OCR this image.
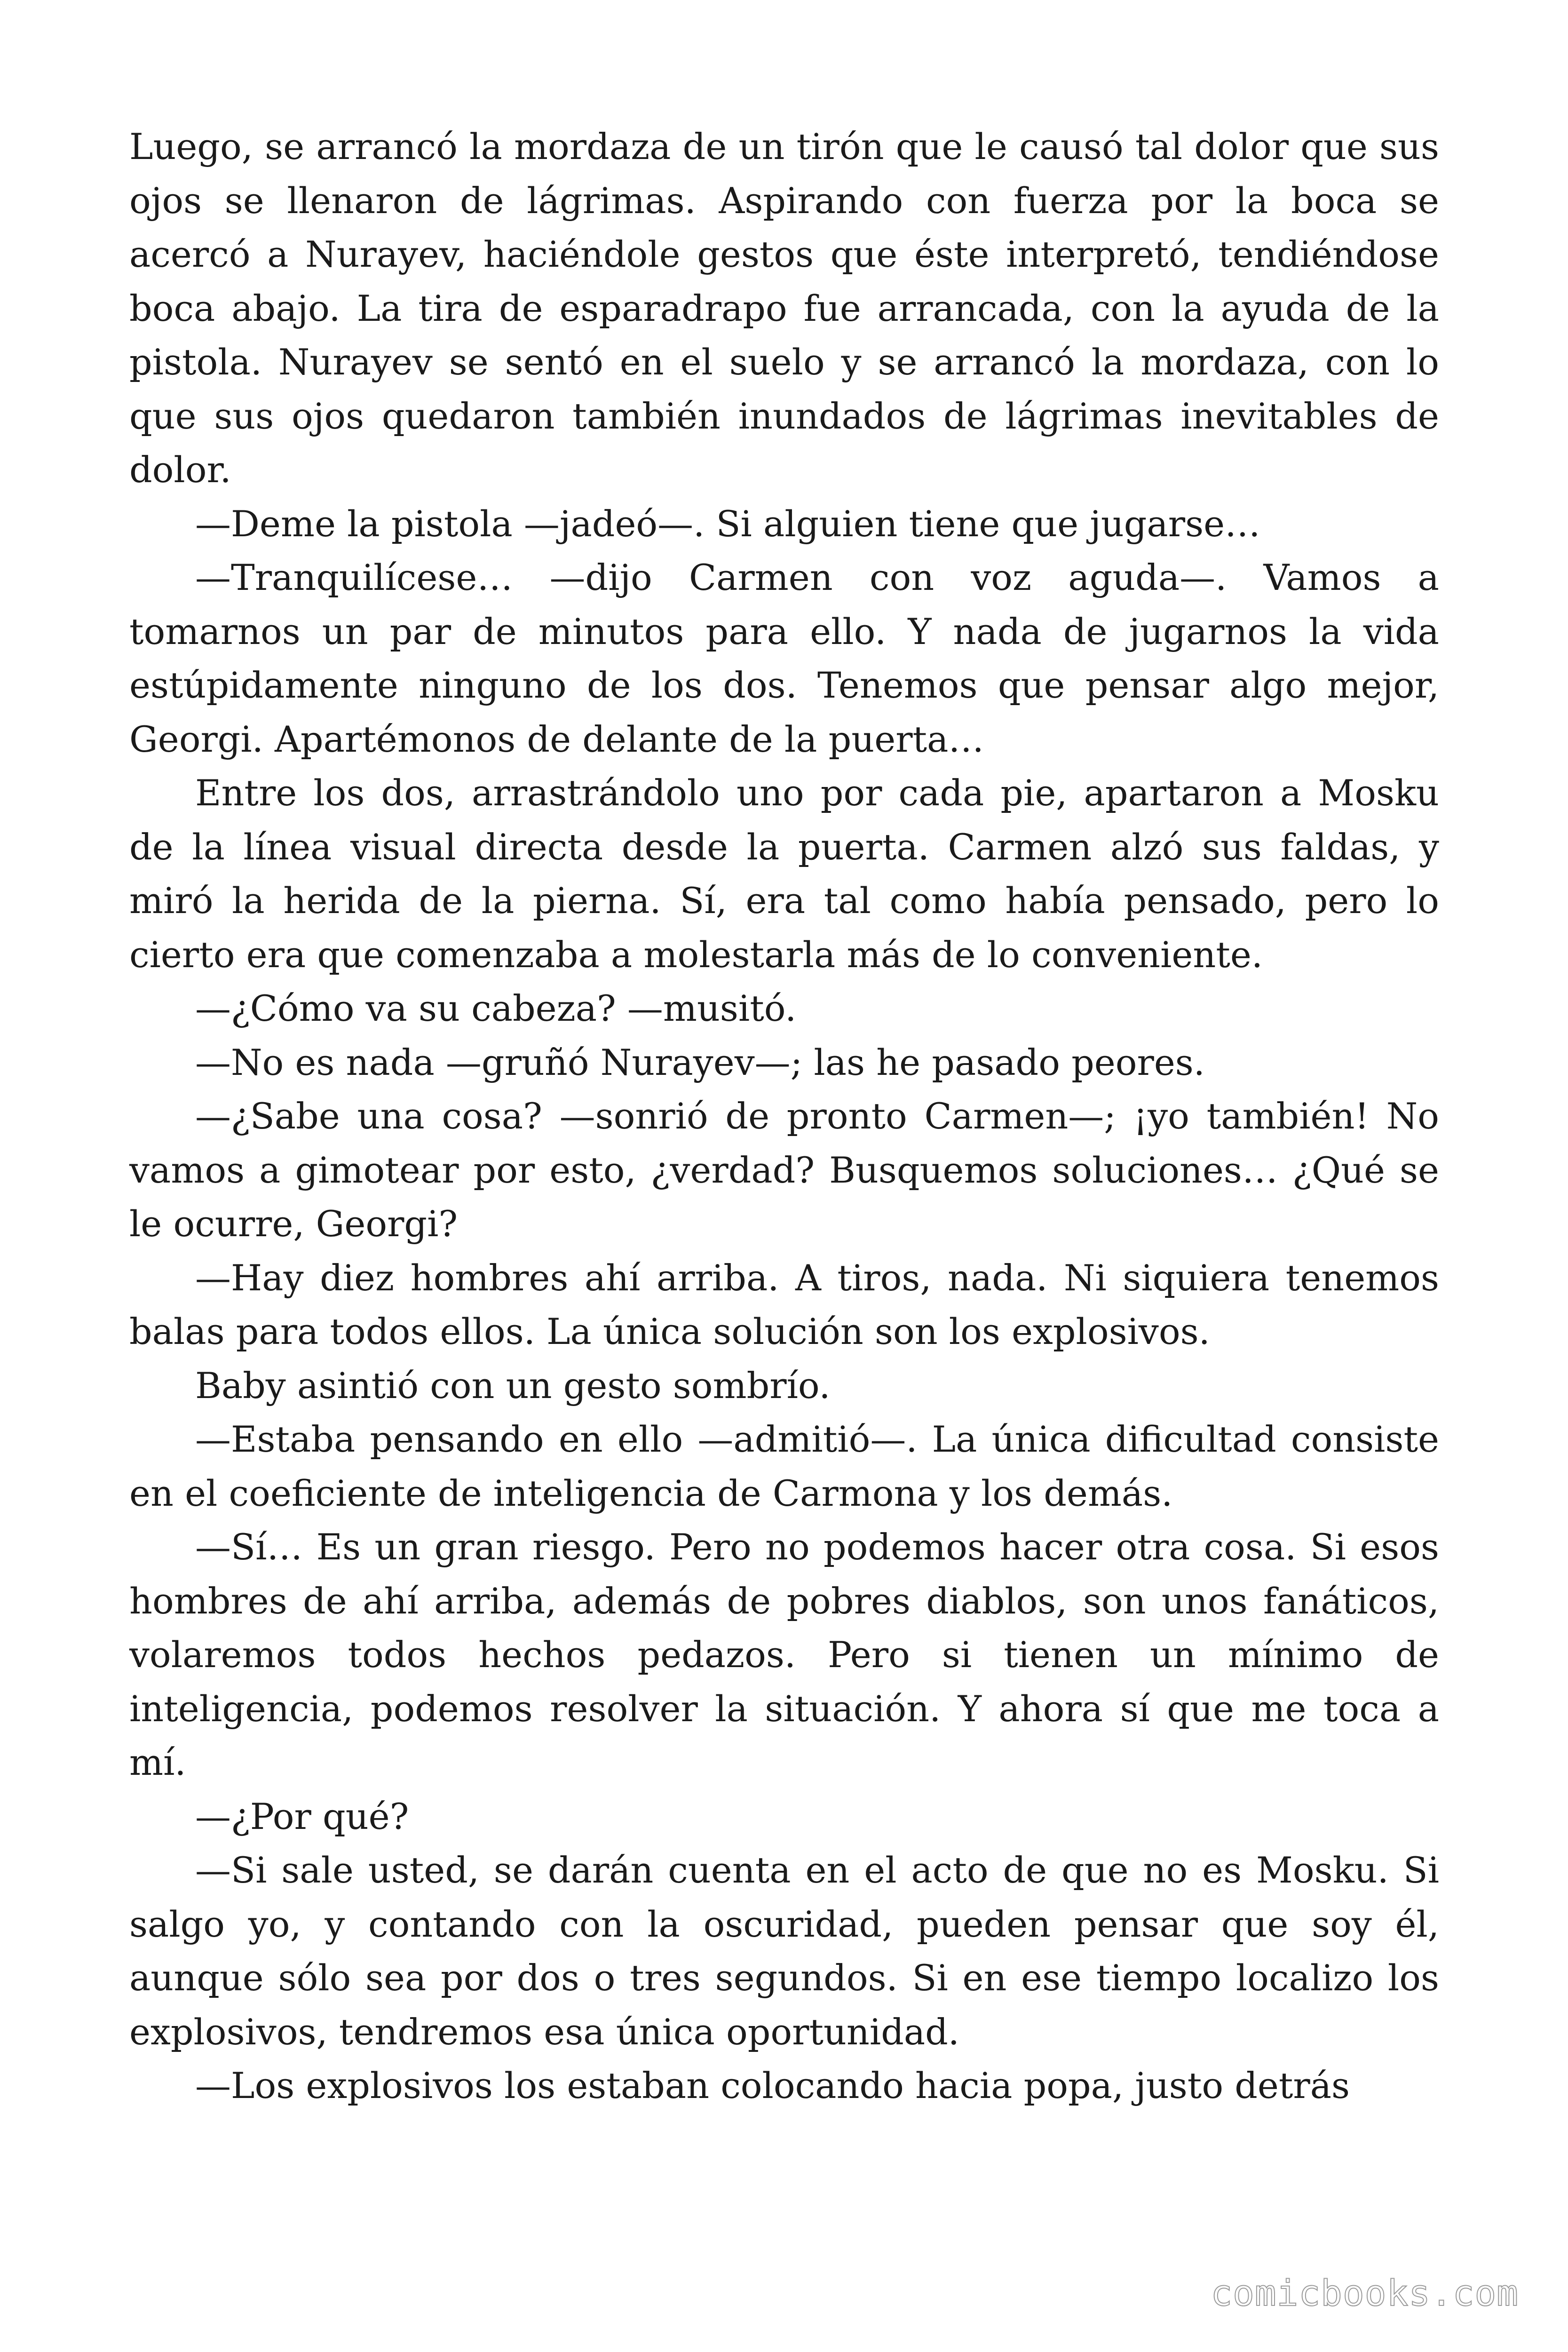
Luego, se arrancó la mordaza de un tirón que le causó tal dolor que sus ojos se llenaron de lágrimas. Aspirando con fuerza por la boca se acercó a Nurayev, haciéndole gestos que éste interpretó, tendiéndose boca abajo. La tira de esparadrapo fue arrancada, con la ayuda de la pistola. Nurayev se sentó en el suelo y se arrancó la mordaza, con lo que sus ojos quedaron también inundados de lágrimas inevitables de dolor.

—Deme la pistola —jadeó—. Si alguien tiene que jugarse…

—Tranquilícese… —dijo Carmen con voz aguda—. Vamos a tomarnos un par de minutos para ello. Y nada de jugarnos la vida estúpidamente ninguno de los dos. Tenemos que pensar algo mejor, Georgi. Apartémonos de delante de la puerta…

Entre los dos, arrastrándolo uno por cada pie, apartaron a Mosku de la línea visual directa desde la puerta. Carmen alzó sus faldas, y miró la herida de la pierna. Sí, era tal como había pensado, pero lo cierto era que comenzaba a molestarla más de lo conveniente.

—¿Cómo va su cabeza? —musitó.

—No es nada —gruñó Nurayev—; las he pasado peores.

—¿Sabe una cosa? —sonrió de pronto Carmen—; ¡yo también! No vamos a gimotear por esto, ¿verdad? Busquemos soluciones… ¿Qué se le ocurre, Georgi?

—Hay diez hombres ahí arriba. A tiros, nada. Ni siquiera tenemos balas para todos ellos. La única solución son los explosivos.

Baby asintió con un gesto sombrío.

—Estaba pensando en ello —admitió—. La única dificultad consiste en el coeficiente de inteligencia de Carmona y los demás.

—Sí… Es un gran riesgo. Pero no podemos hacer otra cosa. Si esos hombres de ahí arriba, además de pobres diablos, son unos fanáticos, volaremos todos hechos pedazos. Pero si tienen un mínimo de inteligencia, podemos resolver la situación. Y ahora sí que me toca a mí.

—¿Por qué?

—Si sale usted, se darán cuenta en el acto de que no es Mosku. Si salgo yo, y contando con la oscuridad, pueden pensar que soy él, aunque sólo sea por dos o tres segundos. Si en ese tiempo localizo los explosivos, tendremos esa única oportunidad.

—Los explosivos los estaban colocando hacia popa, justo detrás

comicbooks.com
